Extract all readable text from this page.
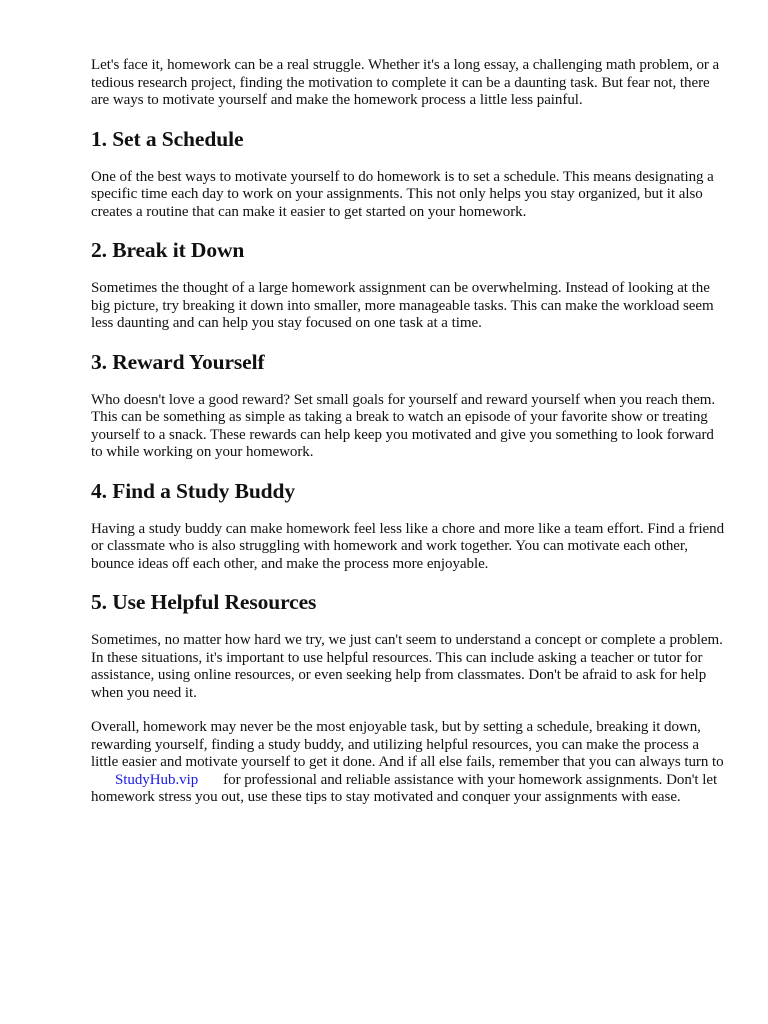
Let's face it, homework can be a real struggle. Whether it's a long essay, a challenging math problem, or a tedious research project, finding the motivation to complete it can be a daunting task. But fear not, there are ways to motivate yourself and make the homework process a little less painful.

1. Set a Schedule

One of the best ways to motivate yourself to do homework is to set a schedule. This means designating a specific time each day to work on your assignments. This not only helps you stay organized, but it also creates a routine that can make it easier to get started on your homework.

2. Break it Down

Sometimes the thought of a large homework assignment can be overwhelming. Instead of looking at the big picture, try breaking it down into smaller, more manageable tasks. This can make the workload seem less daunting and can help you stay focused on one task at a time.

3. Reward Yourself

Who doesn't love a good reward? Set small goals for yourself and reward yourself when you reach them. This can be something as simple as taking a break to watch an episode of your favorite show or treating yourself to a snack. These rewards can help keep you motivated and give you something to look forward to while working on your homework.

4. Find a Study Buddy

Having a study buddy can make homework feel less like a chore and more like a team effort. Find a friend or classmate who is also struggling with homework and work together. You can motivate each other, bounce ideas off each other, and make the process more enjoyable.

5. Use Helpful Resources

Sometimes, no matter how hard we try, we just can't seem to understand a concept or complete a problem. In these situations, it's important to use helpful resources. This can include asking a teacher or tutor for assistance, using online resources, or even seeking help from classmates. Don't be afraid to ask for help when you need it.

Overall, homework may never be the most enjoyable task, but by setting a schedule, breaking it down, rewarding yourself, finding a study buddy, and utilizing helpful resources, you can make the process a little easier and motivate yourself to get it done. And if all else fails, remember that you can always turn toStudyHub.vip for professional and reliable assistance with your homework assignments. Don't let homework stress you out, use these tips to stay motivated and conquer your assignments with ease.
